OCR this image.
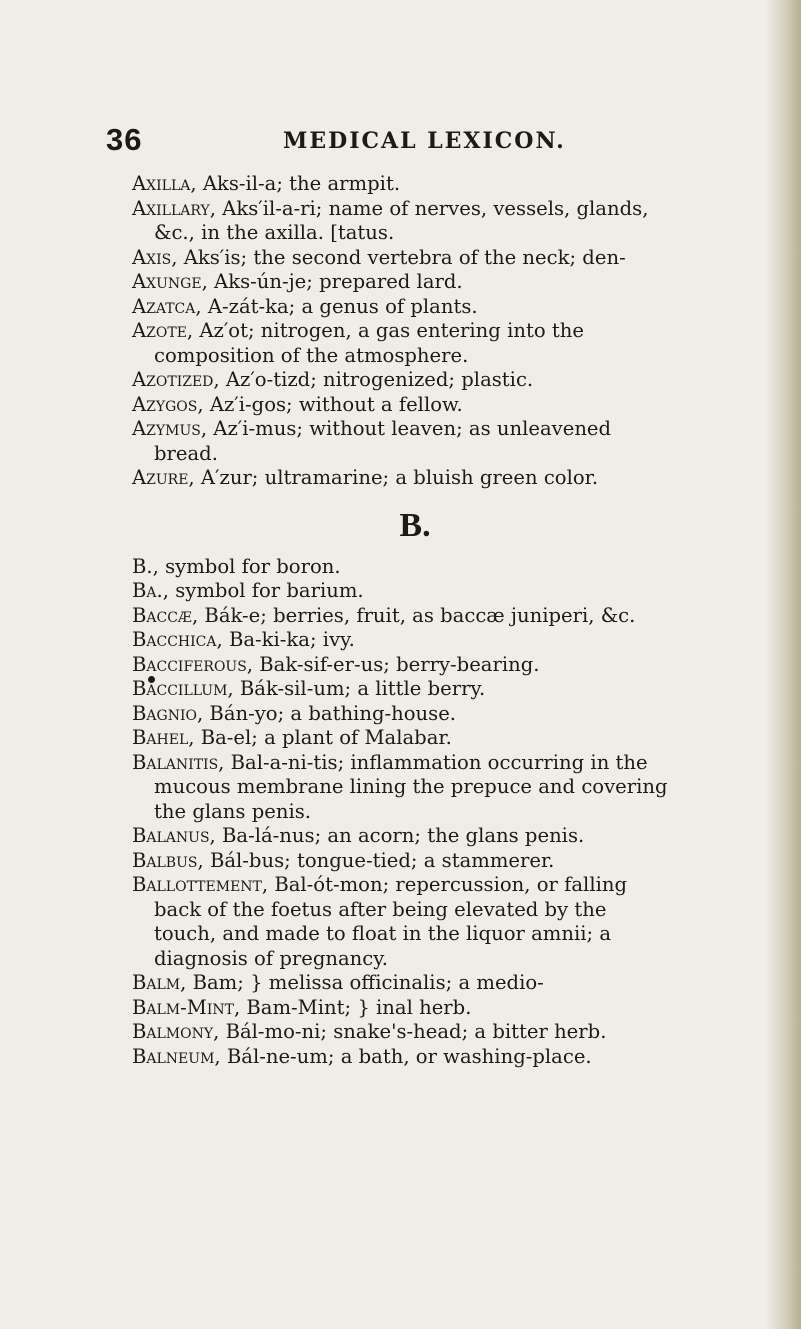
36	MEDICAL LEXICON.
Axilla, Aks-il-a; the armpit.
Axillary, Aks′il-a-ri; name of nerves, vessels, glands, &c., in the axilla. [tatus.
Axis, Aks′is; the second vertebra of the neck; den-
Axunge, Aks-ún-je; prepared lard.
Azatca, A-zát-ka; a genus of plants.
Azote, Az′ot; nitrogen, a gas entering into the composition of the atmosphere.
Azotized, Az′o-tizd; nitrogenized; plastic.
Azygos, Az′i-gos; without a fellow.
Azymus, Az′i-mus; without leaven; as unleavened bread.
Azure, A′zur; ultramarine; a bluish green color.
B.
B., symbol for boron.
Ba., symbol for barium.
Baccæ, Bák-e; berries, fruit, as baccæ juniperi, &c.
Bacchica, Ba-ki-ka; ivy.
Bacciferous, Bak-sif-er-us; berry-bearing.
Baccillum, Bák-sil-um; a little berry.
Bagnio, Bán-yo; a bathing-house.
Bahel, Ba-el; a plant of Malabar.
Balanitis, Bal-a-ni-tis; inflammation occurring in the mucous membrane lining the prepuce and covering the glans penis.
Balanus, Ba-lá-nus; an acorn; the glans penis.
Balbus, Bál-bus; tongue-tied; a stammerer.
Ballottement, Bal-ót-mon; repercussion, or falling back of the foetus after being elevated by the touch, and made to float in the liquor amnii; a diagnosis of pregnancy.
Balm, Bam; } melissa officinalis; a medio-
Balm-Mint, Bam-Mint; } inal herb.
Balmony, Bál-mo-ni; snake's-head; a bitter herb.
Balneum, Bál-ne-um; a bath, or washing-place.
